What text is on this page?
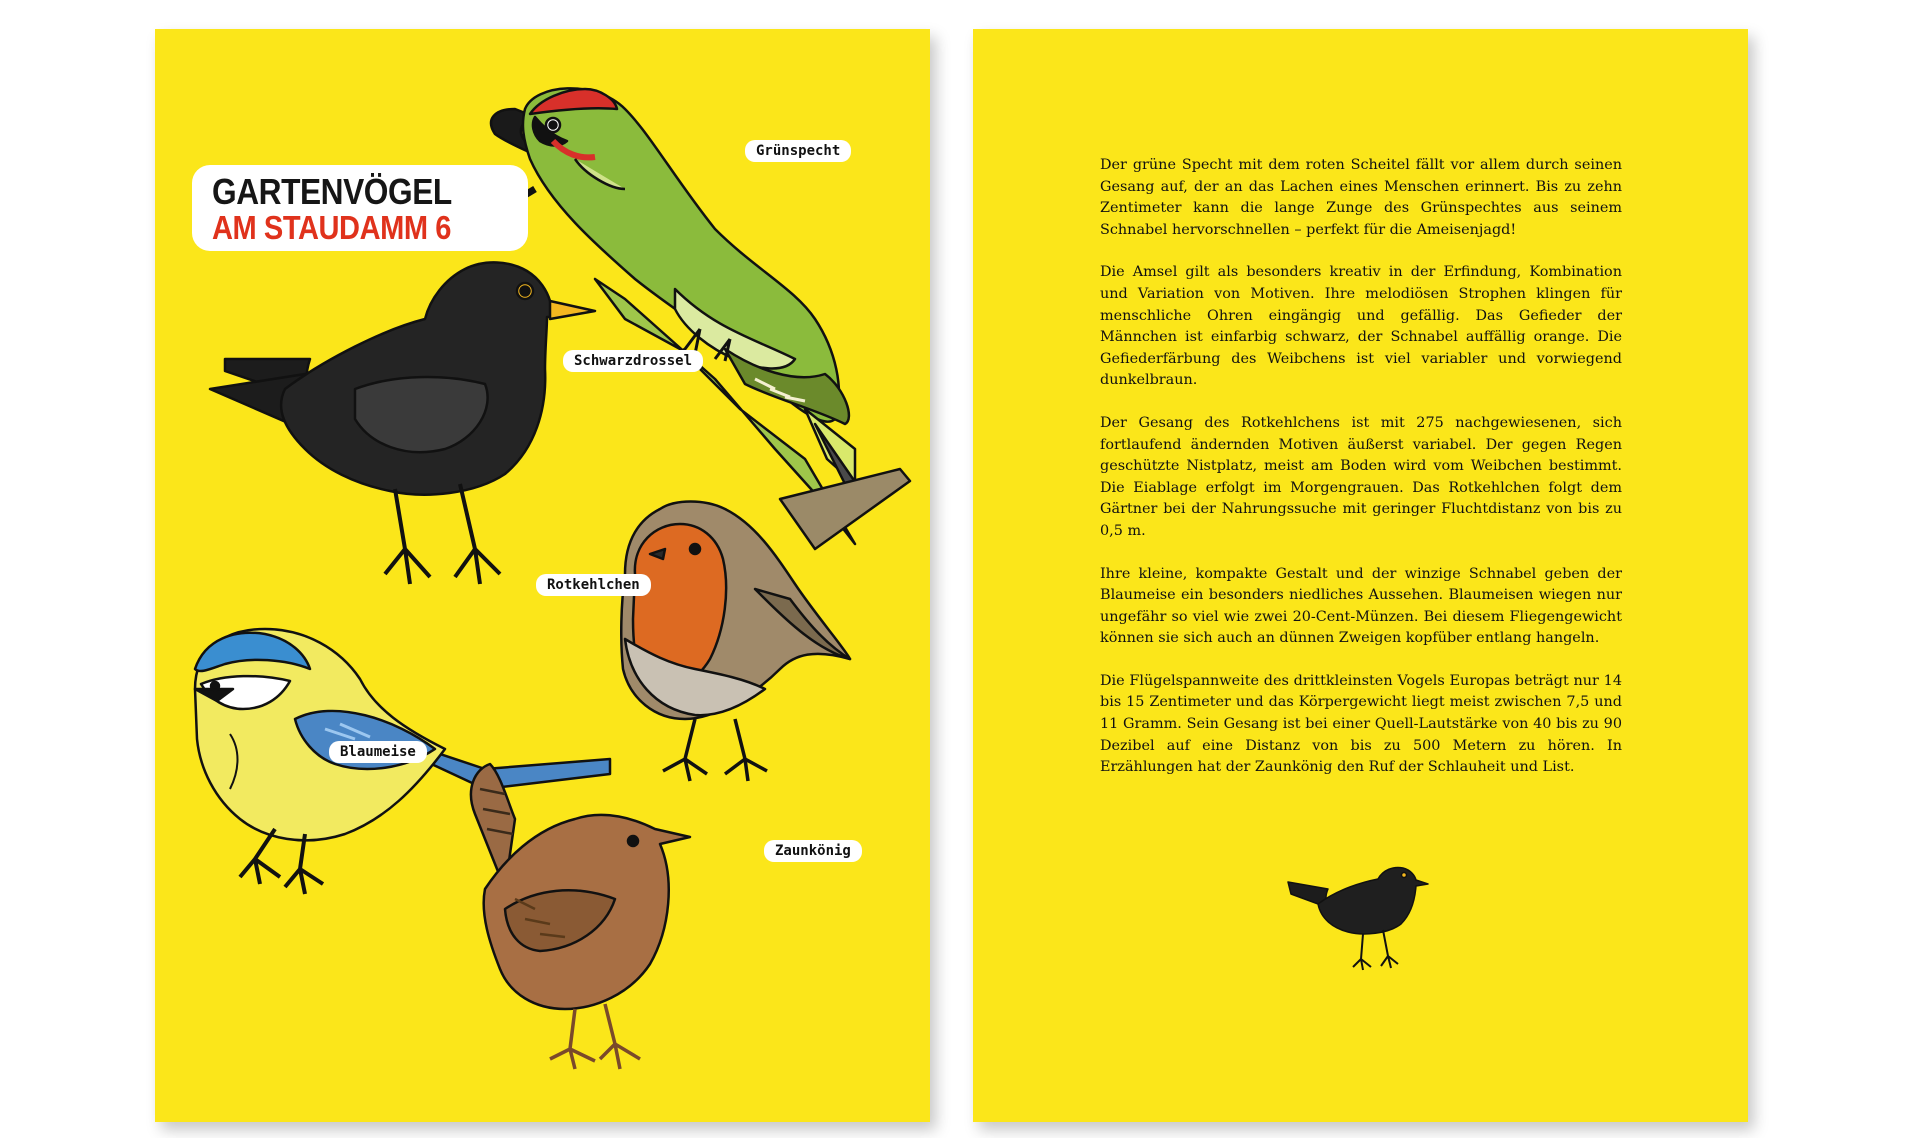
GARTENVÖGEL
AM STAUDAMM 6
Grünspecht
Schwarzdrossel
Rotkehlchen
Blaumeise
Zaunkönig

Der grüne Specht mit dem roten Scheitel fällt vor allem durch seinen Gesang auf, der an das Lachen eines Menschen erinnert. Bis zu zehn Zentimeter kann die lange Zunge des Grünspechtes aus seinem Schnabel hervorschnellen – perfekt für die Ameisenjagd!

Die Amsel gilt als besonders kreativ in der Erfindung, Kombination und Variation von Motiven. Ihre melodiösen Strophen klingen für menschliche Ohren eingängig und gefällig. Das Gefieder der Männchen ist einfarbig schwarz, der Schnabel auffällig orange. Die Gefiederfärbung des Weibchens ist viel variabler und vorwiegend dunkelbraun.

Der Gesang des Rotkehlchens ist mit 275 nachgewiesenen, sich fortlaufend ändernden Motiven äußerst variabel. Der gegen Regen geschützte Nistplatz, meist am Boden wird vom Weibchen bestimmt. Die Eiablage erfolgt im Morgengrauen. Das Rotkehlchen folgt dem Gärtner bei der Nahrungssuche mit geringer Fluchtdistanz von bis zu 0,5 m.

Ihre kleine, kompakte Gestalt und der winzige Schnabel geben der Blaumeise ein besonders niedliches Aussehen. Blaumeisen wiegen nur ungefähr so viel wie zwei 20-Cent-Münzen. Bei diesem Fliegengewicht können sie sich auch an dünnen Zweigen kopfüber entlang hangeln.

Die Flügelspannweite des drittkleinsten Vogels Europas beträgt nur 14 bis 15 Zentimeter und das Körpergewicht liegt meist zwischen 7,5 und 11 Gramm. Sein Gesang ist bei einer Quell-Lautstärke von 40 bis zu 90 Dezibel auf eine Distanz von bis zu 500 Metern zu hören. In Erzählungen hat der Zaunkönig den Ruf der Schlauheit und List.
